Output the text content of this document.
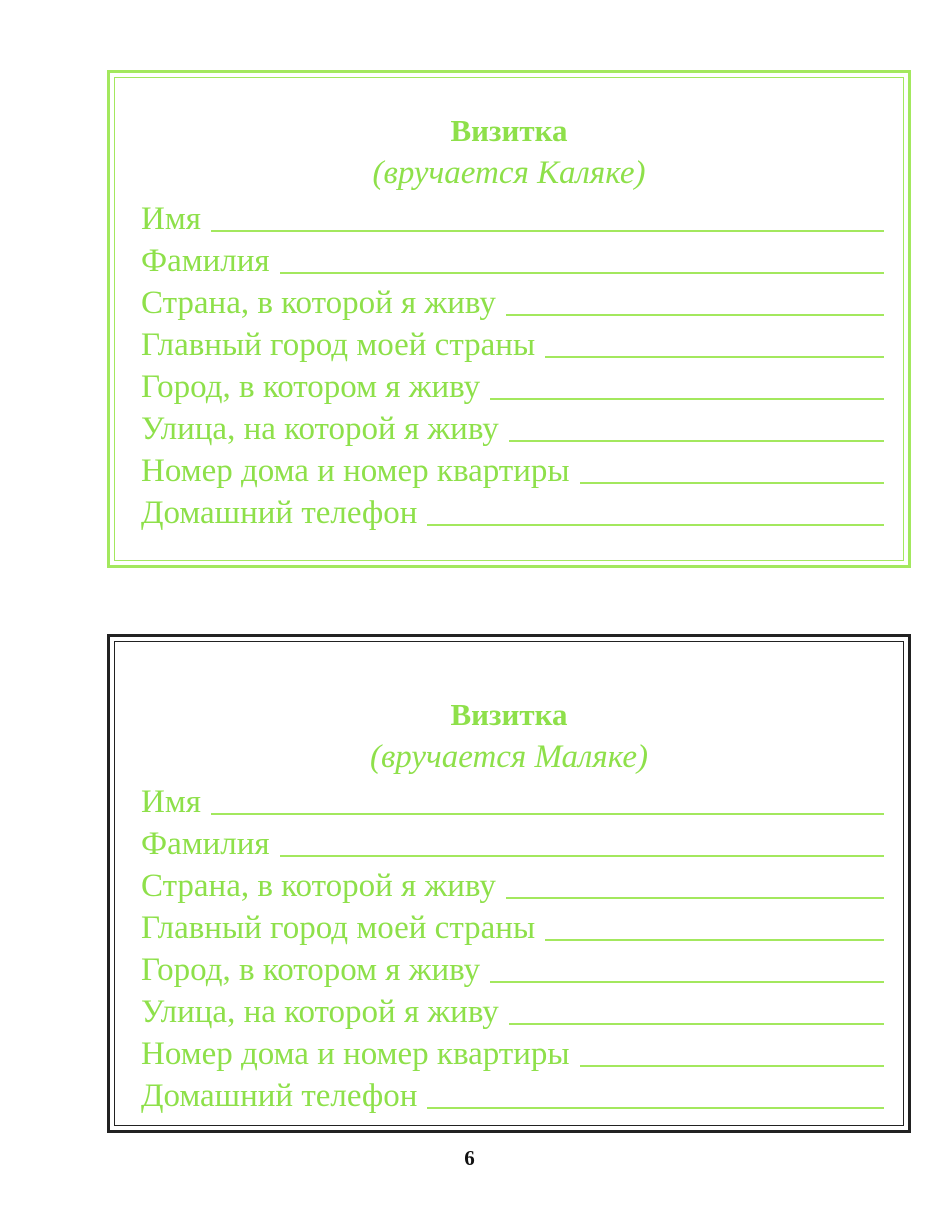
Визитка
(вручается Каляке)
Имя
Фамилия
Страна, в которой я живу
Главный город моей страны
Город, в котором я живу
Улица, на которой я живу
Номер дома и номер квартиры
Домашний телефон
Визитка
(вручается Маляке)
Имя
Фамилия
Страна, в которой я живу
Главный город моей страны
Город, в котором я живу
Улица, на которой я живу
Номер дома и номер квартиры
Домашний телефон
6
